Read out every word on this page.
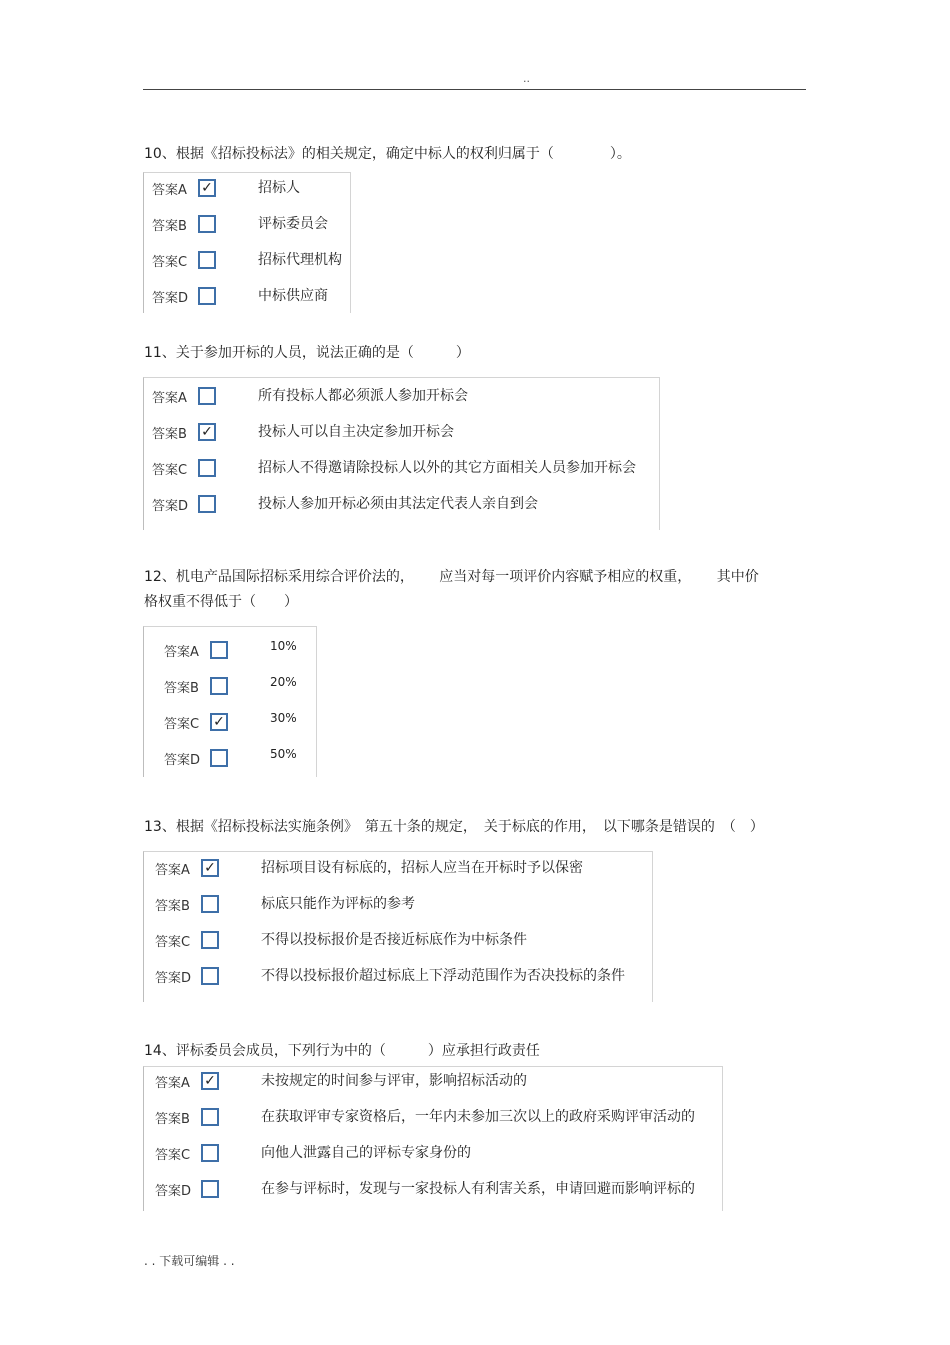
..

10、根据《招标投标法》的相关规定，确定中标人的权利归属于（　　　　）。

答案A	✓	招标人
答案B	评标委员会
答案C	招标代理机构
答案D	中标供应商

11、关于参加开标的人员，说法正确的是（　　　）

答案A	所有投标人都必须派人参加开标会
答案B	✓	投标人可以自主决定参加开标会
答案C	招标人不得邀请除投标人以外的其它方面相关人员参加开标会
答案D	投标人参加开标必须由其法定代表人亲自到会

12、机电产品国际招标采用综合评价法的，　　 应当对每一项评价内容赋予相应的权重，　　 其中价

格权重不得低于（　　）

答案A	10%
答案B	20%
答案C	✓	30%
答案D	50%

13、根据《招标投标法实施条例》　第五十条的规定，　关于标底的作用，　以下哪条是错误的　（　）

答案A	✓	招标项目设有标底的，招标人应当在开标时予以保密
答案B	标底只能作为评标的参考
答案C	不得以投标报价是否接近标底作为中标条件
答案D	不得以投标报价超过标底上下浮动范围作为否决投标的条件

14、评标委员会成员，下列行为中的（　　　）应承担行政责任

答案A	✓	未按规定的时间参与评审，影响招标活动的
答案B	在获取评审专家资格后，一年内未参加三次以上的政府采购评审活动的
答案C	向他人泄露自己的评标专家身份的
答案D	在参与评标时，发现与一家投标人有利害关系，申请回避而影响评标的
. . 下载可编辑 . .
